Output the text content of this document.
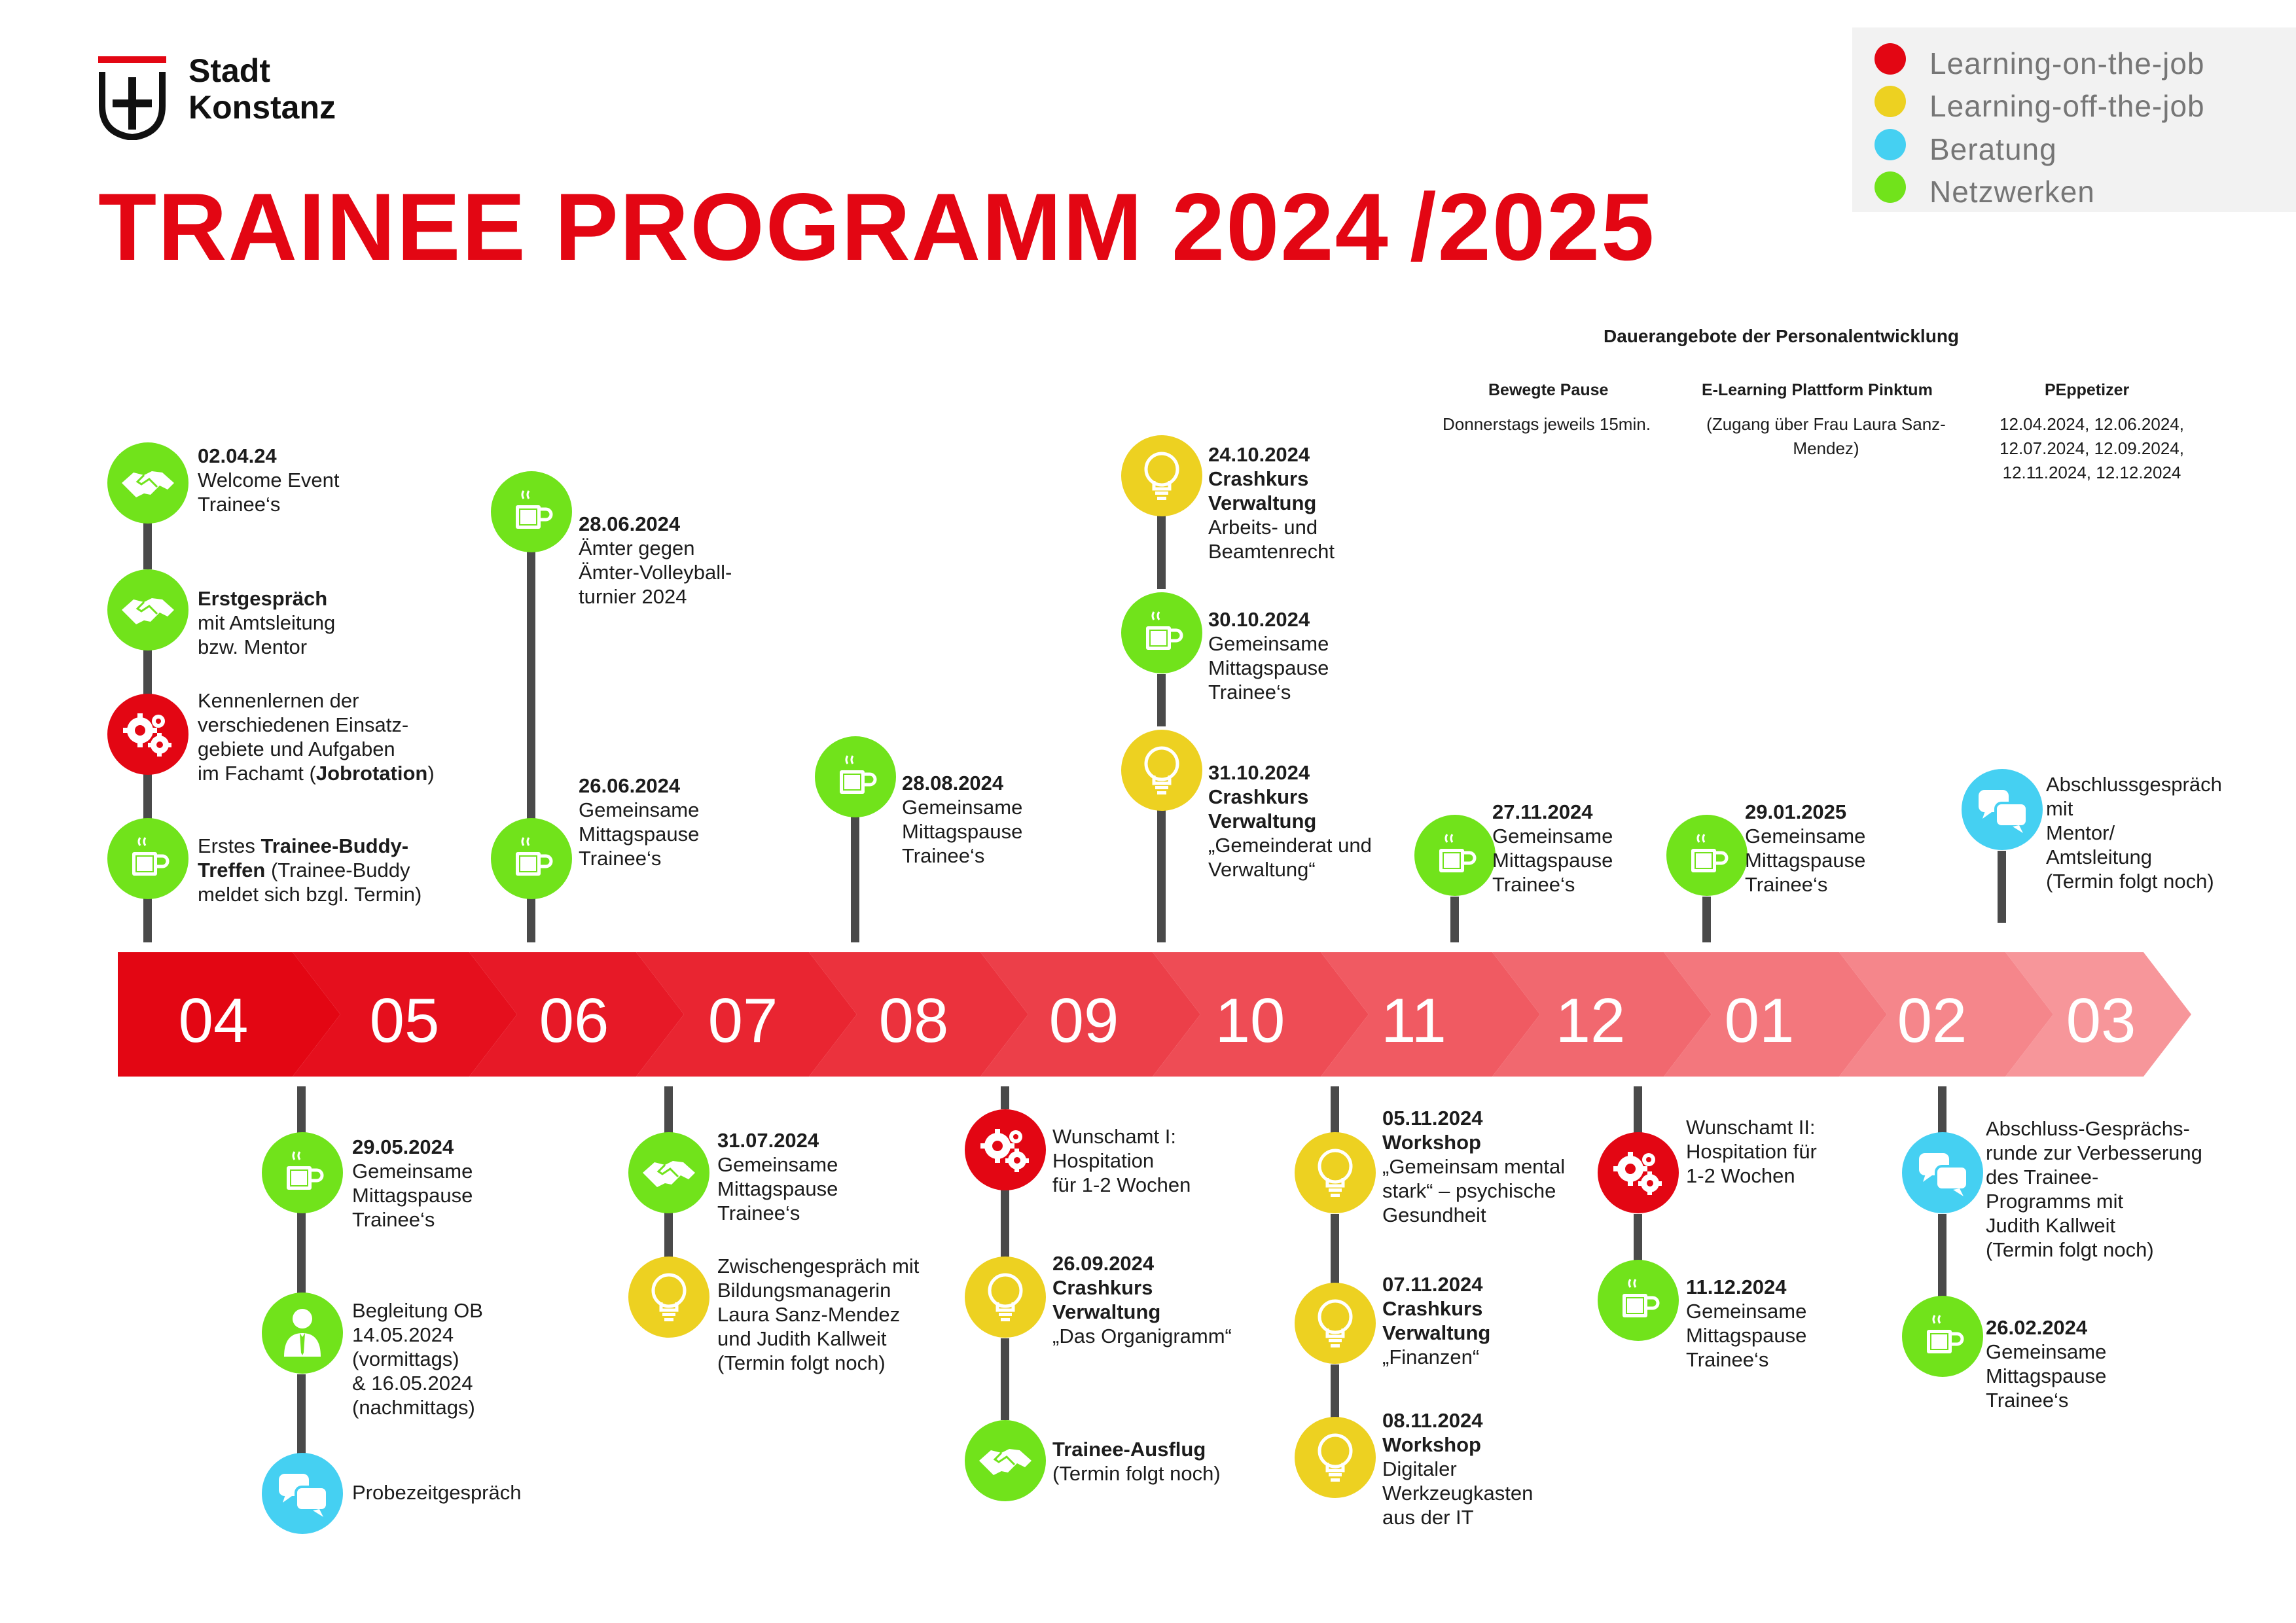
Stadt
Konstanz
TRAINEE PROGRAMM 2024 /2025
Learning-on-the-job
Learning-off-the-job
Beratung
Netzwerken
Dauerangebote der Personalentwicklung
Bewegte Pause
Donnerstags jeweils 15min.
E-Learning Plattform Pinktum
(Zugang über Frau Laura Sanz-
Mendez)
PEppetizer
12.04.2024, 12.06.2024,
12.07.2024, 12.09.2024,
12.11.2024, 12.12.2024
04	05	06	07	08	09	10	11	12	01	02	03
02.04.24
Welcome Event
Trainee‘s
Erstgespräch
mit Amtsleitung
bzw. Mentor
Kennenlernen der
verschiedenen Einsatz-
gebiete und Aufgaben
im Fachamt (Jobrotation)
Erstes Trainee-Buddy-
Treffen (Trainee-Buddy
meldet sich bzgl. Termin)
29.05.2024
Gemeinsame
Mittagspause
Trainee‘s
Begleitung OB
14.05.2024
(vormittags)
& 16.05.2024
(nachmittags)
Probezeitgespräch
28.06.2024
Ämter gegen
Ämter-Volleyball-
turnier 2024
26.06.2024
Gemeinsame
Mittagspause
Trainee‘s
31.07.2024
Gemeinsame
Mittagspause
Trainee‘s
Zwischengespräch mit
Bildungsmanagerin
Laura Sanz-Mendez
und Judith Kallweit
(Termin folgt noch)
28.08.2024
Gemeinsame
Mittagspause
Trainee‘s
Wunschamt I:
Hospitation
für 1-2 Wochen
26.09.2024
Crashkurs
Verwaltung
„Das Organigramm“
Trainee-Ausflug
(Termin folgt noch)
24.10.2024
Crashkurs
Verwaltung
Arbeits- und
Beamtenrecht
30.10.2024
Gemeinsame
Mittagspause
Trainee‘s
31.10.2024
Crashkurs
Verwaltung
„Gemeinderat und
Verwaltung“
05.11.2024
Workshop
„Gemeinsam mental
stark“ – psychische
Gesundheit
07.11.2024
Crashkurs
Verwaltung
„Finanzen“
08.11.2024
Workshop
Digitaler
Werkzeugkasten
aus der IT
27.11.2024
Gemeinsame
Mittagspause
Trainee‘s
Wunschamt II:
Hospitation für
1-2 Wochen
11.12.2024
Gemeinsame
Mittagspause
Trainee‘s
29.01.2025
Gemeinsame
Mittagspause
Trainee‘s
Abschlussgespräch
mit
Mentor/
Amtsleitung
(Termin folgt noch)
Abschluss-Gesprächs-
runde zur Verbesserung
des Trainee-
Programms mit
Judith Kallweit
(Termin folgt noch)
26.02.2024
Gemeinsame
Mittagspause
Trainee‘s
